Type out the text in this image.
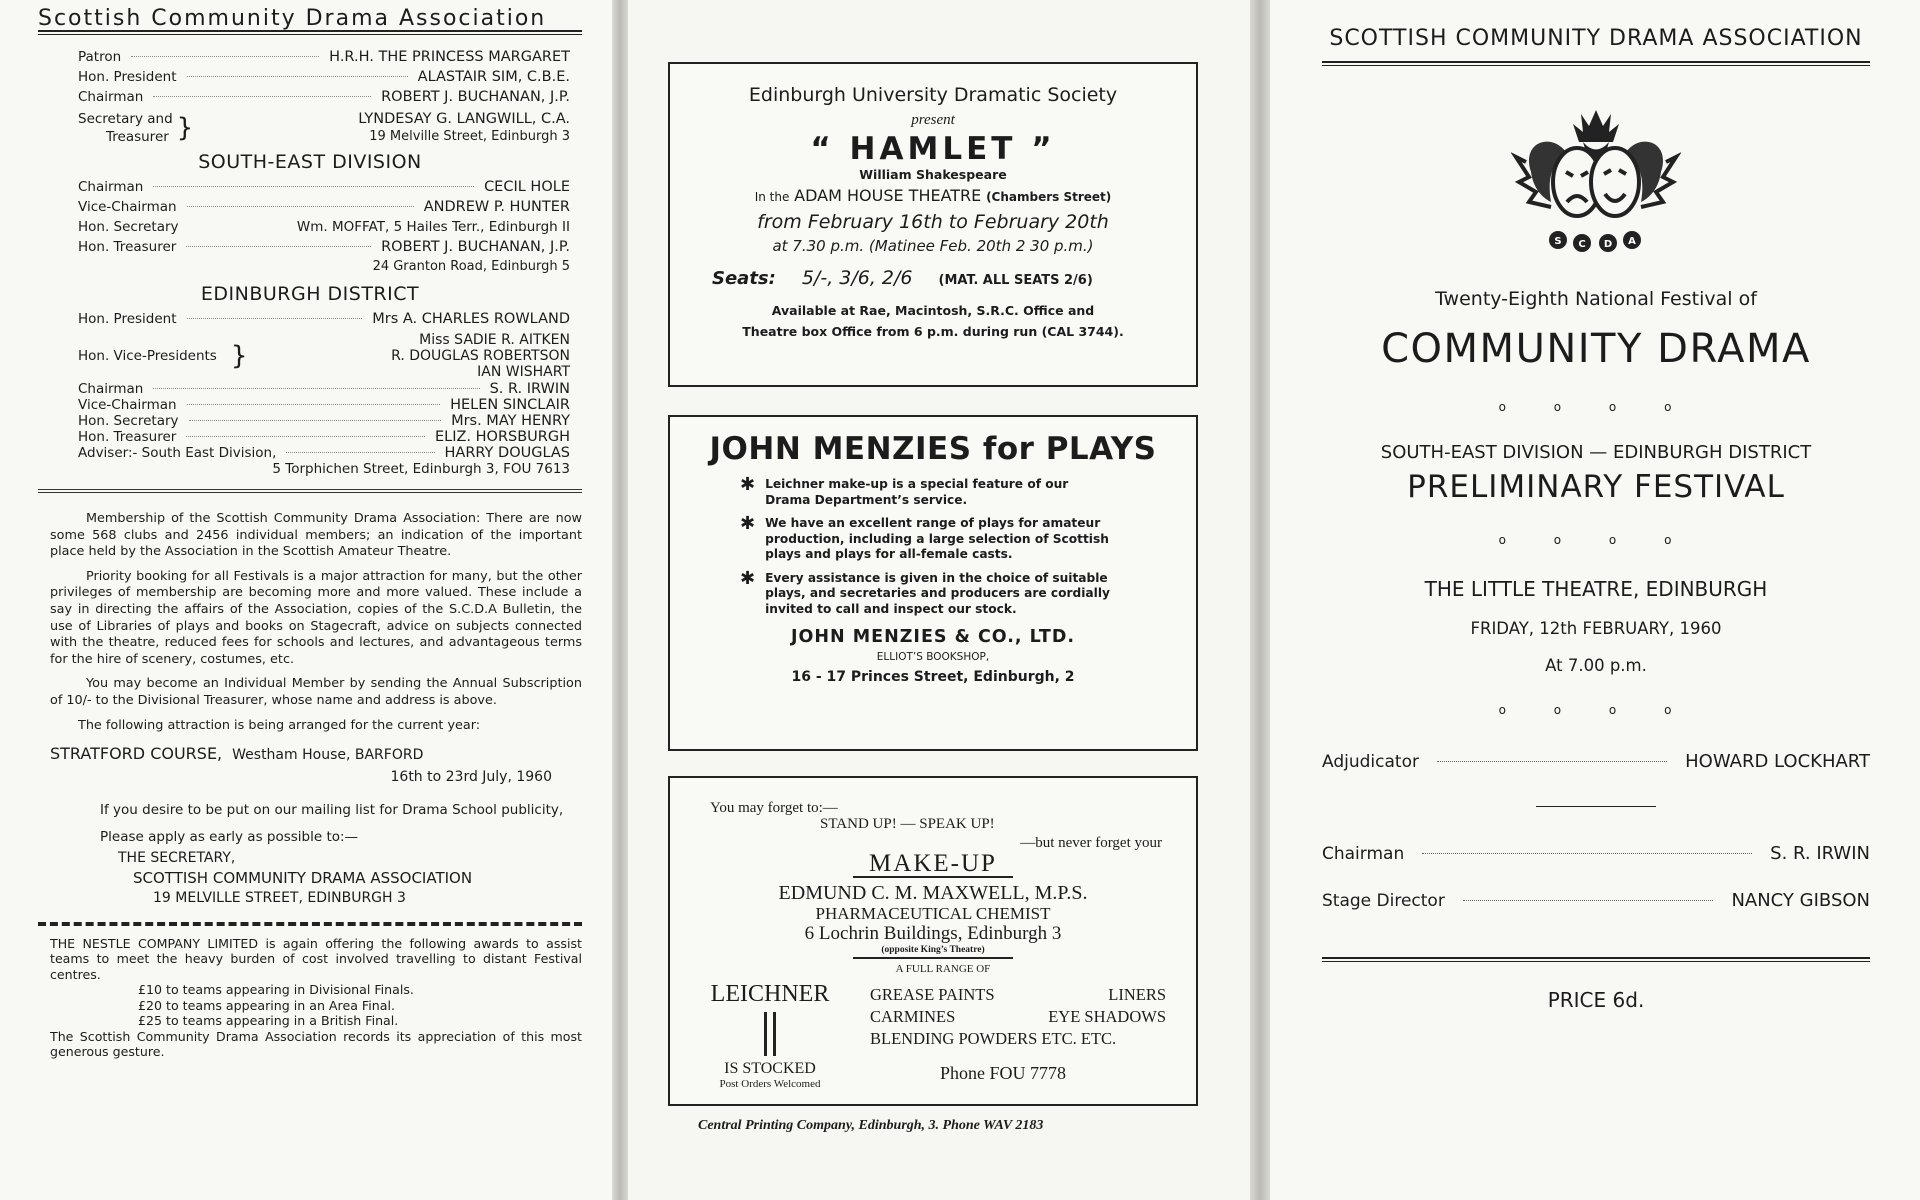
Scottish Community Drama Association
Patron	H.R.H. THE PRINCESS MARGARET
Hon. President	ALASTAIR SIM, C.B.E.
Chairman	ROBERT J. BUCHANAN, J.P.
Secretary and
Treasurer }	LYNDESAY G. LANGWILL, C.A.
19 Melville Street, Edinburgh 3
SOUTH-EAST DIVISION
Chairman	CECIL HOLE
Vice-Chairman	ANDREW P. HUNTER
Hon. Secretary	Wm. MOFFAT, 5 Hailes Terr., Edinburgh II
Hon. Treasurer	ROBERT J. BUCHANAN, J.P.
24 Granton Road, Edinburgh 5
EDINBURGH DISTRICT
Hon. President	Mrs A. CHARLES ROWLAND
Hon. Vice-Presidents }
Miss SADIE R. AITKEN
R. DOUGLAS ROBERTSON
IAN WISHART
Chairman	S. R. IRWIN
Vice-Chairman	HELEN SINCLAIR
Hon. Secretary	Mrs. MAY HENRY
Hon. Treasurer	ELIZ. HORSBURGH
Adviser:- South East Division,	HARRY DOUGLAS
5 Torphichen Street, Edinburgh 3, FOU 7613

Membership of the Scottish Community Drama Association: There are now some 568 clubs and 2456 individual members; an indication of the important place held by the Association in the Scottish Amateur Theatre.

Priority booking for all Festivals is a major attraction for many, but the other privileges of membership are becoming more and more valued. These include a say in directing the affairs of the Association, copies of the S.C.D.A Bulletin, the use of Libraries of plays and books on Stagecraft, advice on subjects connected with the theatre, reduced fees for schools and lectures, and advantageous terms for the hire of scenery, costumes, etc.

You may become an Individual Member by sending the Annual Subscription of 10/- to the Divisional Treasurer, whose name and address is above.

The following attraction is being arranged for the current year:

STRATFORD COURSE, Westham House, BARFORD
16th to 23rd July, 1960

If you desire to be put on our mailing list for Drama School publicity,

Please apply as early as possible to:—

THE SECRETARY,
SCOTTISH COMMUNITY DRAMA ASSOCIATION
19 MELVILLE STREET, EDINBURGH 3

THE NESTLE COMPANY LIMITED is again offering the following awards to assist teams to meet the heavy burden of cost involved travelling to distant Festival centres.

£10 to teams appearing in Divisional Finals.
£20 to teams appearing in an Area Final.
£25 to teams appearing in a British Final.

The Scottish Community Drama Association records its appreciation of this most generous gesture.

Edinburgh University Dramatic Society
present
“ HAMLET ”
William Shakespeare
In the ADAM HOUSE THEATRE (Chambers Street)
from February 16th to February 20th
at 7.30 p.m. (Matinee Feb. 20th 2 30 p.m.)
Seats: 5/-, 3/6, 2/6 (MAT. ALL SEATS 2/6)
Available at Rae, Macintosh, S.R.C. Office and
Theatre box Office from 6 p.m. during run (CAL 3744).
JOHN MENZIES for PLAYS
✱ Leichner make-up is a special feature of our Drama Department’s service.
✱ We have an excellent range of plays for amateur production, including a large selection of Scottish plays and plays for all-female casts.
✱ Every assistance is given in the choice of suitable plays, and secretaries and producers are cordially invited to call and inspect our stock.
JOHN MENZIES & CO., LTD.
ELLIOT’S BOOKSHOP,
16 - 17 Princes Street, Edinburgh, 2
You may forget to:—
STAND UP! — SPEAK UP!
—but never forget your
MAKE-UP
EDMUND C. M. MAXWELL, M.P.S.
PHARMACEUTICAL CHEMIST
6 Lochrin Buildings, Edinburgh 3
(opposite King’s Theatre)
A FULL RANGE OF
LEICHNER
IS STOCKED
Post Orders Welcomed
GREASE PAINTS	LINERS
CARMINES	EYE SHADOWS
BLENDING POWDERS ETC. ETC.
Phone FOU 7778
Central Printing Company, Edinburgh, 3. Phone WAV 2183
SCOTTISH COMMUNITY DRAMA ASSOCIATION
S C D A
Twenty-Eighth National Festival of
COMMUNITY DRAMA
o o o o
SOUTH-EAST DIVISION — EDINBURGH DISTRICT
PRELIMINARY FESTIVAL
o o o o
THE LITTLE THEATRE, EDINBURGH
FRIDAY, 12th FEBRUARY, 1960
At 7.00 p.m.
o o o o
Adjudicator	HOWARD LOCKHART
Chairman	S. R. IRWIN
Stage Director	NANCY GIBSON
PRICE 6d.
